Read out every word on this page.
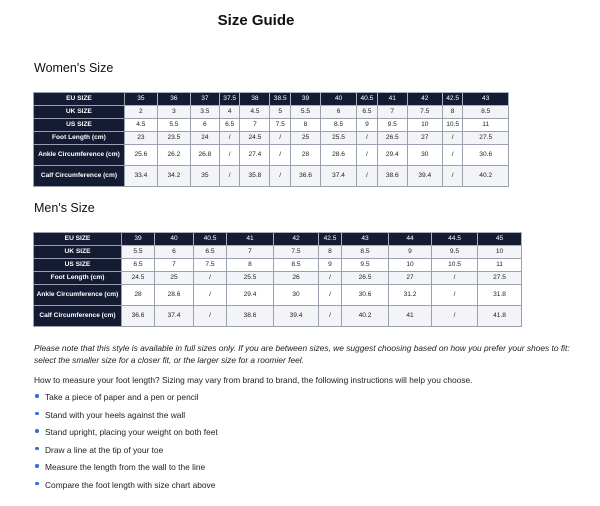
Size Guide
Women's Size
EU SIZE	35	36	37	37.5	38	38.5	39	40	40.5	41	42	42.5	43
UK SIZE	2	3	3.5	4	4.5	5	5.5	6	6.5	7	7.5	8	8.5
US SIZE	4.5	5.5	6	6.5	7	7.5	8	8.5	9	9.5	10	10.5	11
Foot Length (cm)	23	23.5	24	/	24.5	/	25	25.5	/	26.5	27	/	27.5
Ankle Circumference (cm)	25.6	26.2	26.8	/	27.4	/	28	28.6	/	29.4	30	/	30.6
Calf Circumference (cm)	33.4	34.2	35	/	35.8	/	36.6	37.4	/	38.6	39.4	/	40.2
Men's Size
EU SIZE	39	40	40.5	41	42	42.5	43	44	44.5	45
UK SIZE	5.5	6	6.5	7	7.5	8	8.5	9	9.5	10
US SIZE	6.5	7	7.5	8	8.5	9	9.5	10	10.5	11
Foot Length (cm)	24.5	25	/	25.5	26	/	26.5	27	/	27.5
Ankle Circumference (cm)	28	28.6	/	29.4	30	/	30.6	31.2	/	31.8
Calf Circumference (cm)	36.6	37.4	/	38.6	39.4	/	40.2	41	/	41.8
Please note that this style is available in full sizes only. If you are between sizes, we suggest choosing based on how you prefer your shoes to fit: select the smaller size for a closer fit, or the larger size for a roomier feel.
How to measure your foot length? Sizing may vary from brand to brand, the following instructions will help you choose.
Take a piece of paper and a pen or pencil
Stand with your heels against the wall
Stand upright, placing your weight on both feet
Draw a line at the tip of your toe
Measure the length from the wall to the line
Compare the foot length with size chart above
